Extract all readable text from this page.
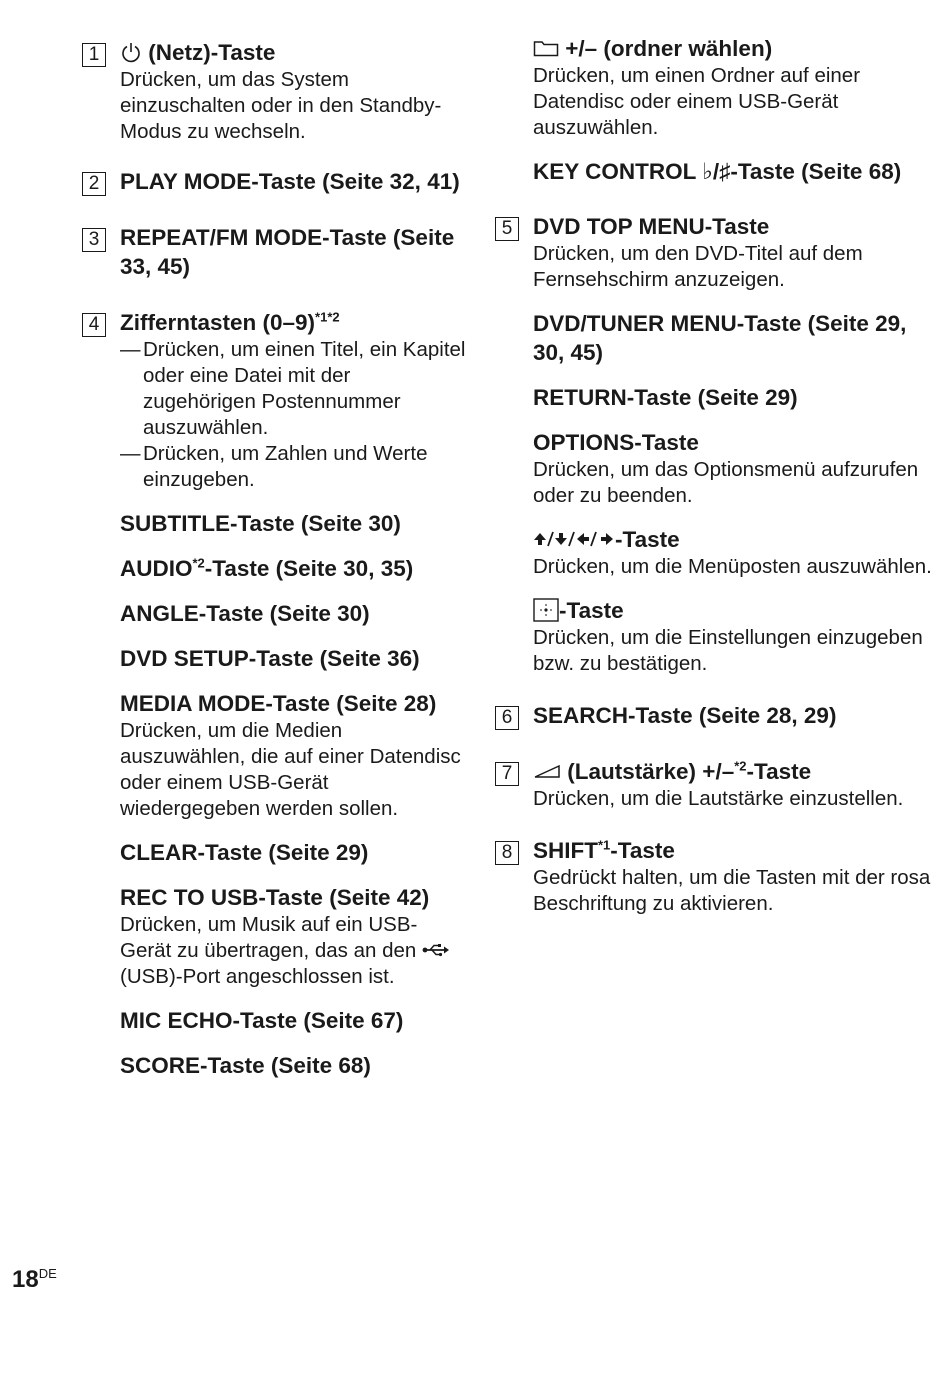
1	(Netz)-Taste
Drücken, um das System einzuschalten oder in den Standby-Modus zu wechseln.
2 PLAY MODE-Taste (Seite 32, 41)
3 REPEAT/FM MODE-Taste (Seite 33, 45)
4 Zifferntasten $(0-9)^{*1*2}$
— Drücken, um einen Titel, ein Kapitel oder eine Datei mit der zugehörigen Postennummer auszuwählen.
— Drücken, um Zahlen und Werte einzugeben.
SUBTITLE-Taste (Seite 30)
AUDIO$^{*2}$-Taste (Seite 30, 35)
ANGLE-Taste (Seite 30)
DVD SETUP-Taste (Seite 36)
MEDIA MODE-Taste (Seite 28)
Drücken, um die Medien auszuwählen, die auf einer Datendisc oder einem USB-Gerät wiedergegeben werden sollen.
CLEAR-Taste (Seite 29)
REC TO USB-Taste (Seite 42)
Drücken, um Musik auf ein USB-Gerät zu übertragen, das an den  (USB)-Port angeschlossen ist.
MIC ECHO-Taste (Seite 67)
SCORE-Taste (Seite 68)
+/– (ordner wählen)
Drücken, um einen Ordner auf einer Datendisc oder einem USB-Gerät auszuwählen.
KEY CONTROL ♭/♯-Taste (Seite 68)
5 DVD TOP MENU-Taste
Drücken, um den DVD-Titel auf dem Fernsehschirm anzuzeigen.
DVD/TUNER MENU-Taste (Seite 29, 30, 45)
RETURN-Taste (Seite 29)
OPTIONS-Taste
Drücken, um das Optionsmenü aufzurufen oder zu beenden.
-Taste
Drücken, um die Menüposten auszuwählen.
-Taste
Drücken, um die Einstellungen einzugeben bzw. zu bestätigen.
6 SEARCH-Taste (Seite 28, 29)
7	(Lautstärke) +/–$^{*2}$-Taste
Drücken, um die Lautstärke einzustellen.
8 SHIFT$^{*1}$-Taste
Gedrückt halten, um die Tasten mit der rosa Beschriftung zu aktivieren.
18DE
